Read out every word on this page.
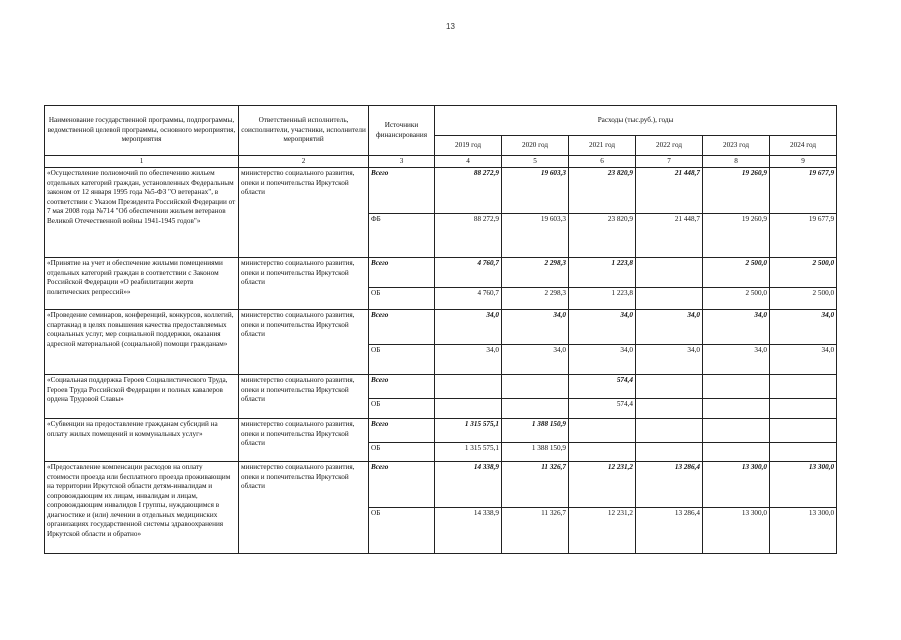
13
Наименование государственной программы, подпрограммы, ведомственной целевой программы, основного мероприятия, мероприятия	Ответственный исполнитель, соисполнители, участники, исполнители мероприятий	Источники финансирования	Расходы (тыс.руб.), годы					
			2019 год	2020 год	2021 год	2022 год	2023 год	2024 год
1	2	3	4	5	6	7	8	9
«Осуществление полномочий по обеспечению жильем отдельных категорий граждан, установленных Федеральным законом от 12 января 1995 года №5-ФЗ "О ветеранах", в соответствии с Указом Президента Российской Федерации от 7 мая 2008 года №714 "Об обеспечении жильем ветеранов Великой Отечественной войны 1941-1945 годов"»	министерство социального развития, опеки и попечительства Иркутской области	Всего	88 272,9	19 603,3	23 820,9	21 448,7	19 260,9	19 677,9
		ФБ	88 272,9	19 603,3	23 820,9	21 448,7	19 260,9	19 677,9
«Принятие на учет и обеспечение жилыми помещениями отдельных категорий граждан в соответствии с Законом Российской Федерации «О реабилитации жертв политических репрессий»»	министерство социального развития, опеки и попечительства Иркутской области	Всего	4 760,7	2 298,3	1 223,8		2 500,0	2 500,0
		ОБ	4 760,7	2 298,3	1 223,8		2 500,0	2 500,0
«Проведение семинаров, конференций, конкурсов, коллегий, спартакиад в целях повышения качества предоставляемых социальных услуг, мер социальной поддержки, оказания адресной материальной (социальной) помощи гражданам»	министерство социального развития, опеки и попечительства Иркутской области	Всего	34,0	34,0	34,0	34,0	34,0	34,0
		ОБ	34,0	34,0	34,0	34,0	34,0	34,0
«Социальная поддержка Героев Социалистического Труда, Героев Труда Российской Федерации и полных кавалеров ордена Трудовой Славы»	министерство социального развития, опеки и попечительства Иркутской области	Всего			574,4			
		ОБ			574,4			
«Субвенции на предоставление гражданам субсидий на оплату жилых помещений и коммунальных услуг»	министерство социального развития, опеки и попечительства Иркутской области	Всего	1 315 575,1	1 388 150,9				
		ОБ	1 315 575,1	1 388 150,9				
«Предоставление компенсации расходов на оплату стоимости проезда или бесплатного проезда проживающим на территории Иркутской области детям-инвалидам и сопровождающим их лицам, инвалидам и лицам, сопровождающим инвалидов I группы, нуждающимся в диагностике и (или) лечении в отдельных медицинских организациях государственной системы здравоохранения Иркутской области и обратно»	министерство социального развития, опеки и попечительства Иркутской области	Всего	14 338,9	11 326,7	12 231,2	13 286,4	13 300,0	13 300,0
		ОБ	14 338,9	11 326,7	12 231,2	13 286,4	13 300,0	13 300,0
